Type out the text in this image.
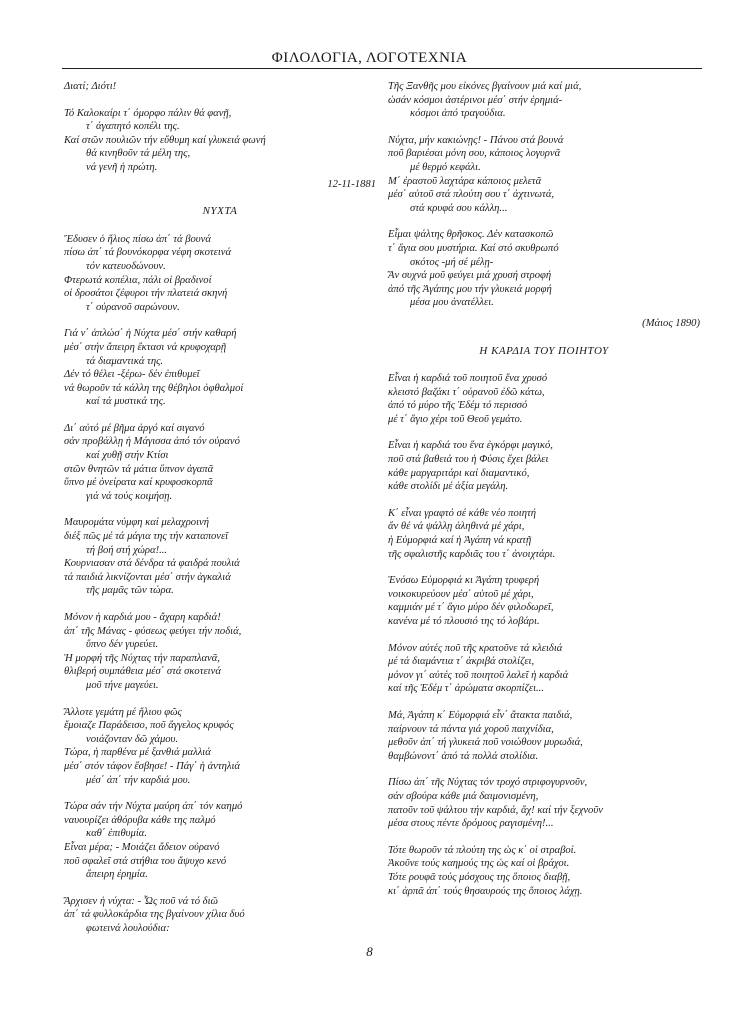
ΦΙΛΟΛΟΓΙΑ, ΛΟΓΟΤΕΧΝΙΑ
Διατί; Διότι!
Τό Καλοκαίρι τ΄ όμορφο πάλιν θά φανῇ,
τ΄ άγαπητό κοπέλι της.
Καί στῶν πουλιῶν τήν εὔθυμη καί γλυκειά φωνή
θά κινηθοῦν τά μέλη της,
νά γενῆ ἡ πρώτη.
12-11-1881
ΝΥΧΤΑ
Ἔδυσεν ὁ ἥλιος πίσω ἀπ΄ τά βουνά
πίσω ἀπ΄ τά βουνόκορφα νέφη σκοτεινά
τόν κατευοδώνουν.
Φτερωτά κοπέλια, πάλι οἱ βραδινοί
οἱ δροσάτοι ζέφυροι τήν πλατειά σκηνή
τ΄ οὐρανοῦ σαρώνουν.
Γιά ν΄ ἁπλώσ΄ ἡ Νύχτα μέσ΄ στήν καθαρή
μέσ΄ στήν ἄπειρη ἔκτασι νά κρυφοχαρῇ
τά διαμαντικά της.
Δέν τό θέλει -ξέρω- δέν ἐπιθυμεῖ
νά θωροῦν τά κάλλη της θέβηλοι ὀφθαλμοί
καί τά μυστικά της.
Δι΄ αὐτό μέ βῆμα ἀργό καί σιγανό
σάν προβάλλῃ ἡ Μάγισσα ἀπό τόν οὐρανό
καί χυθῇ στήν Κτίσι
στῶν θνητῶν τά μάτια ὕπνον ἀγαπᾶ
ὕπνο μέ ὀνείρατα καί κρυφοσκορπᾶ
γιά νά τούς κοιμήσῃ.
Μαυρομάτα νύμφη καί μελαχροινή
διέξ πῶς μέ τά μάγια της τήν καταπονεῖ
τή βοή στή χώρα!...
Κουρνιασαν στά δένδρα τά φαιδρά πουλιά
τά παιδιά λικνίζονται μέσ΄ στήν ἀγκαλιά
τῆς μαμᾶς τῶν τώρα.
Μόνον ἡ καρδιά μου - ἄχαρη καρδιά!
ἀπ΄ τῆς Μάνας - φύσεως φεύγει τήν ποδιά,
ὕπνο δέν γυρεύει.
Ἡ μορφή τῆς Νύχτας τήν παραπλανᾶ,
θλιβερή συμπάθεια μέσ΄ στά σκοτεινά
μοῦ τήνε μαγεύει.
Ἄλλοτε γεμάτη μέ ἥλιου φῶς
ἔμοιαζε Παράδεισο, ποῦ ἄγγελος κρυφός
νοιάζονταν δῶ χάμου.
Τώρα, ἡ παρθένα μέ ξανθιά μαλλιά
μέσ΄ στόν τάφον ἔσβησε! - Πάγ΄ ἡ ἀντηλιά
μέσ΄ ἀπ΄ τήν καρδιά μου.
Τώρα σάν τήν Νύχτα μαύρη ἀπ΄ τόν καημό
ναυουρίζει ἀθόρυβα κάθε της παλμό
καθ΄ ἐπιθυμία.
Εἶναι μέρα; - Μοιάζει ἄδειον οὐρανό
ποῦ σφαλεῖ στά στήθια του ἄψυχο κενό
ἄπειρη ἐρημία.
Ἄρχισεν ἡ νύχτα: - Ὦς ποῦ νά τό διῶ
ἀπ΄ τά φυλλοκάρδια της βγαίνουν χίλια δυό
φωτεινά λουλούδια:
Τῆς Ξανθῆς μου εἰκόνες βγαίνουν μιά καί μιά,
ὡσάν κόσμοι ἀστέρινοι μέσ΄ στήν ἐρημιά-
κόσμοι ἀπό τραγούδια.
Νύχτα, μήν κακιώνῃς! - Πάνου στά βουνά
ποῦ βαριέσαι μόνη σου, κάποιος λογυρνᾶ
μέ θερμό κεφάλι.
Μ΄ ἐραστοῦ λαχτάρα κάποιος μελετᾶ
μέσ΄ αὐτοῦ στά πλούτη σου τ΄ ἀχτινωτά,
στά κρυφά σου κάλλη...
Εἶμαι ψάλτης θρῆσκος. Δέν κατασκοπῶ
τ΄ ἅγια σου μυστήρια. Καί στό σκυθρωπό
σκότος -μή σέ μέλῃ-
Ἄν συχνά μοῦ φεύγει μιά χρυσή στροφή
ἀπό τῆς Ἀγάπης μου τήν γλυκειά μορφή
μέσα μου ἀνατέλλει.
(Μάιος 1890)
Η ΚΑΡΔΙΑ ΤΟΥ ΠΟΙΗΤΟΥ
Εἶναι ἡ καρδιά τοῦ ποιητοῦ ἕνα χρυσό
κλειστό βαζάκι τ΄ οὐρανοῦ ἐδῶ κάτω,
ἀπό τό μύρο τῆς Ἐδέμ τό περισσό
μέ τ΄ ἅγιο χέρι τοῦ Θεοῦ γεμάτο.
Εἶναι ἡ καρδιά του ἕνα ἐγκόρφι μαγικό,
ποῦ στά βαθειά του ἡ Φύσις ἔχει βάλει
κάθε μαργαριτάρι καί διαμαντικό,
κάθε στολίδι μέ ἀξία μεγάλη.
Κ΄ εἶναι γραφτό σέ κάθε νέο ποιητή
ἄν θέ νά ψάλλῃ ἀληθινά μέ χάρι,
ἡ Εὐμορφιά καί ἡ Ἀγάπη νά κρατῇ
τῆς σφαλιστῆς καρδιᾶς του τ΄ ἀνοιχτάρι.
Ἐνόσω Εὐμορφιά κι Ἀγάπη τρυφερή
νοικοκυρεύουν μέσ΄ αὐτοῦ μέ χάρι,
καμμιάν μέ τ΄ ἅγιο μύρο δέν φιλοδωρεῖ,
κανένα μέ τό πλουσιό της τό λοβάρι.
Μόνον αὐτές ποῦ τῆς κρατοῦνε τά κλειδιά
μέ τά διαμάντια τ΄ ἀκριβά στολίζει,
μόνον γι΄ αὐτές τοῦ ποιητοῦ λαλεῖ ἡ καρδιά
καί τῆς Ἐδέμ τ΄ ἀρώματα σκορπίζει...
Μά, Ἀγάπη κ΄ Εὐμορφιά εἶν΄ ἄτακτα παιδιά,
παίρνουν τά πάντα γιά χοροῦ παιχνίδια,
μεθοῦν ἀπ΄ τή γλυκειά ποῦ νοιώθουν μυρωδιά,
θαμβώνοντ΄ ἀπό τά πολλά στολίδια.
Πίσω ἀπ΄ τῆς Νύχτας τόν τροχό στριφογυρνοῦν,
σάν σβούρα κάθε μιά δαιμονισμένη,
πατοῦν τοῦ ψάλτου τήν καρδιά, ἄχ! καί τήν ξεχνοῦν
μέσα στους πέντε δρόμους ραγισμένη!...
Τότε θωροῦν τά πλούτη της ὡς κ΄ οἱ στραβοί.
Ἀκοῦνε τούς καημούς της ὡς καί οἱ βράχοι.
Τότε ρουφᾶ τούς μόσχους της ὅποιος διαβῇ,
κι΄ ἀρπᾶ ἀπ΄ τούς θησαυρούς της ὅποιος λάχῃ.
8
